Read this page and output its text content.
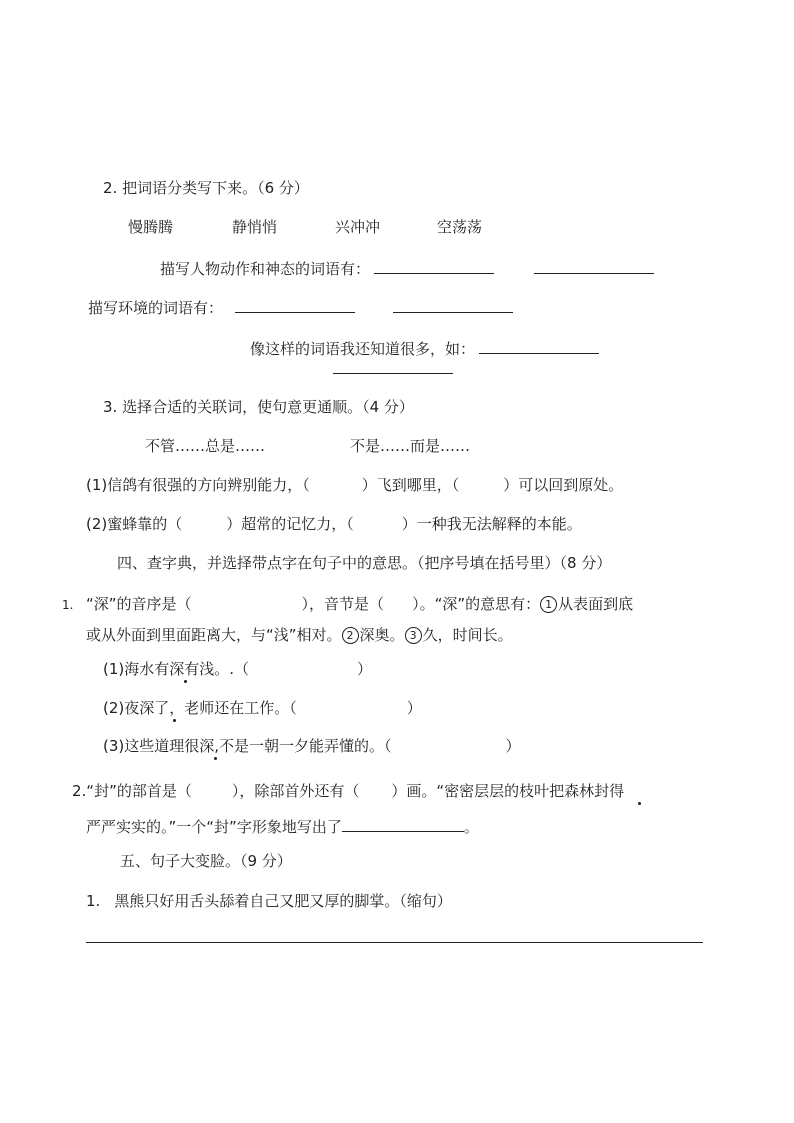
2. 把词语分类写下来。（6 分）
慢腾腾	静悄悄	兴冲冲	空荡荡
描写人物动作和神态的词语有：
描写环境的词语有：
像这样的词语我还知道很多，如：
3. 选择合适的关联词，使句意更通顺。（4 分）
不管……总是……	不是……而是……
(1)信鸽有很强的方向辨别能力，（	）飞到哪里，（	）可以回到原处。
(2)蜜蜂靠的（	）超常的记忆力，（	）一种我无法解释的本能。
四、查字典，并选择带点字在句子中的意思。（把序号填在括号里）（8 分）
1. “深”的音序是（	），音节是（ ）。“深”的意思有： 1 从表面到底
或从外面到里面距离大，与“浅”相对。 2 深奥。 3 久，时间长。
(1)海水有深有浅。.（	）
(2)夜深了，老师还在工作。（	）
(3)这些道理很深,不是一朝一夕能弄懂的。（	）
2.“封”的部首是（	），除部首外还有（ ）画。“密密层层的枝叶把森林封得
严严实实的。”一个“封”字形象地写出了	。
五、句子大变脸。（9 分）
1. 黑熊只好用舌头舔着自己又肥又厚的脚掌。（缩句）
